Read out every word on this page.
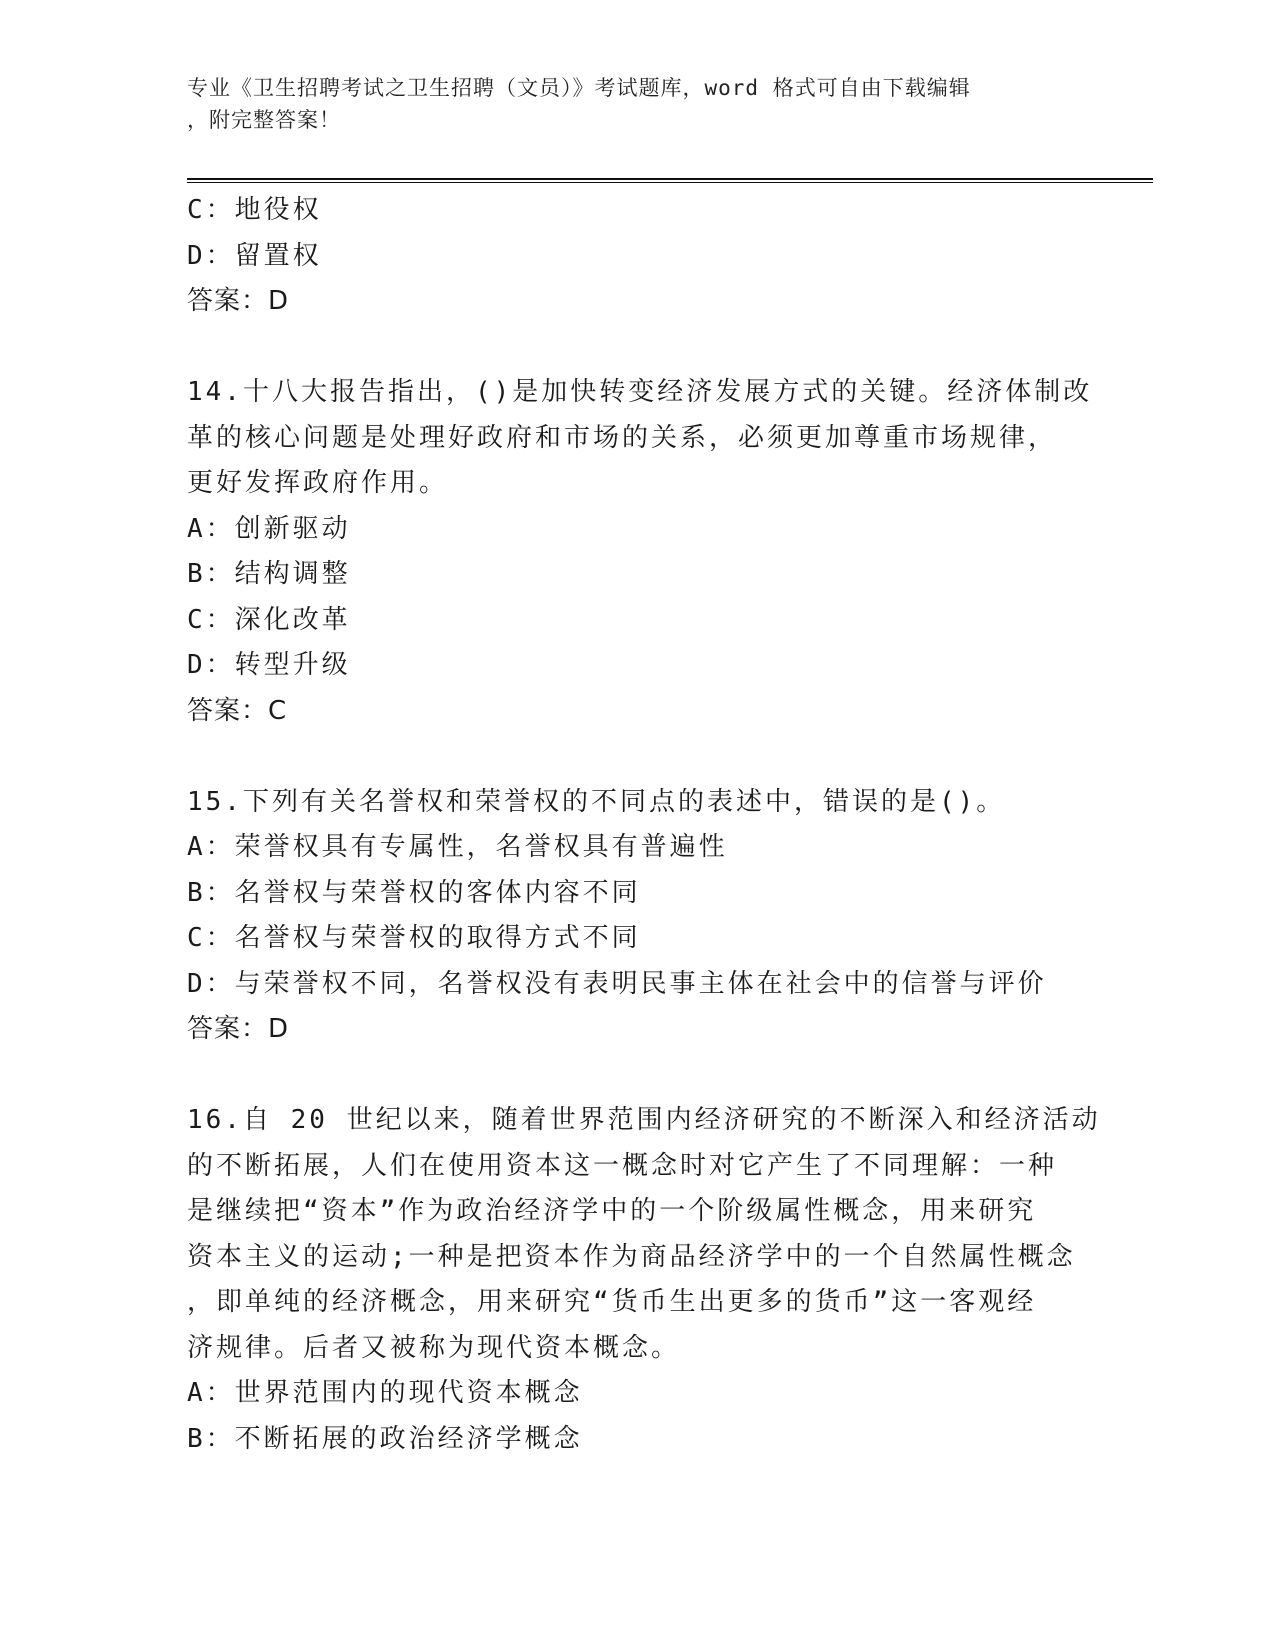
专业《卫生招聘考试之卫生招聘（文员）》考试题库，word 格式可自由下载编辑
，附完整答案！
C：地役权
D：留置权
答案：D
14.十八大报告指出，()是加快转变经济发展方式的关键。经济体制改
革的核心问题是处理好政府和市场的关系，必须更加尊重市场规律，
更好发挥政府作用。
A：创新驱动
B：结构调整
C：深化改革
D：转型升级
答案：C
15.下列有关名誉权和荣誉权的不同点的表述中，错误的是()。
A：荣誉权具有专属性，名誉权具有普遍性
B：名誉权与荣誉权的客体内容不同
C：名誉权与荣誉权的取得方式不同
D：与荣誉权不同，名誉权没有表明民事主体在社会中的信誉与评价
答案：D
16.自 20 世纪以来，随着世界范围内经济研究的不断深入和经济活动
的不断拓展，人们在使用资本这一概念时对它产生了不同理解：一种
是继续把“资本”作为政治经济学中的一个阶级属性概念，用来研究
资本主义的运动;一种是把资本作为商品经济学中的一个自然属性概念
，即单纯的经济概念，用来研究“货币生出更多的货币”这一客观经
济规律。后者又被称为现代资本概念。
A：世界范围内的现代资本概念
B：不断拓展的政治经济学概念
